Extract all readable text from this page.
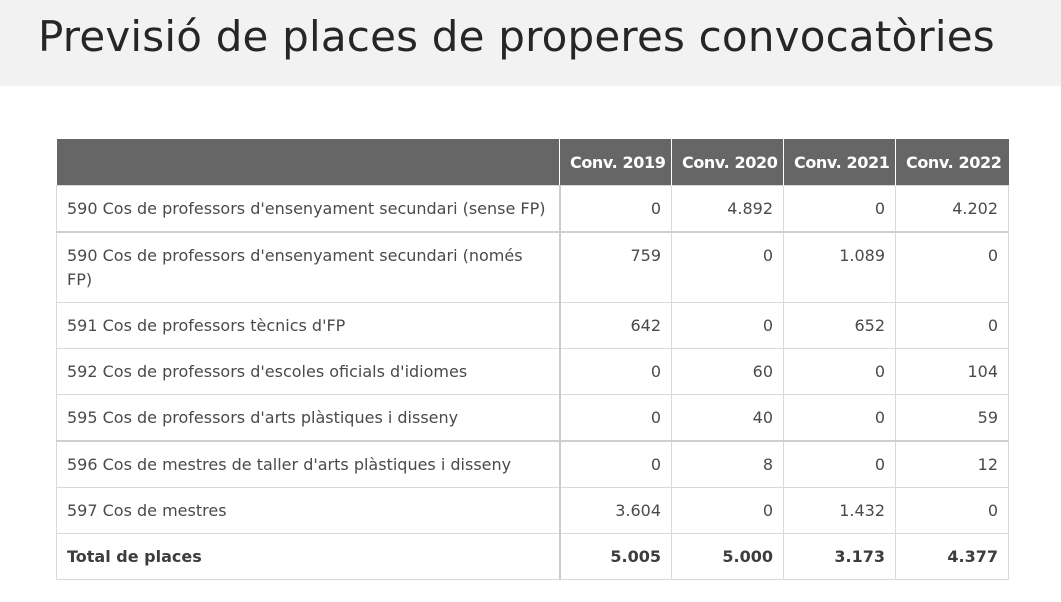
Previsió de places de properes convocatòries
	Conv. 2019	Conv. 2020	Conv. 2021	Conv. 2022
590 Cos de professors d'ensenyament secundari (sense FP)	0	4.892	0	4.202
590 Cos de professors d'ensenyament secundari (només FP)	759	0	1.089	0
591 Cos de professors tècnics d'FP	642	0	652	0
592 Cos de professors d'escoles oficials d'idiomes	0	60	0	104
595 Cos de professors d'arts plàstiques i disseny	0	40	0	59
596 Cos de mestres de taller d'arts plàstiques i disseny	0	8	0	12
597 Cos de mestres	3.604	0	1.432	0
Total de places	5.005	5.000	3.173	4.377
